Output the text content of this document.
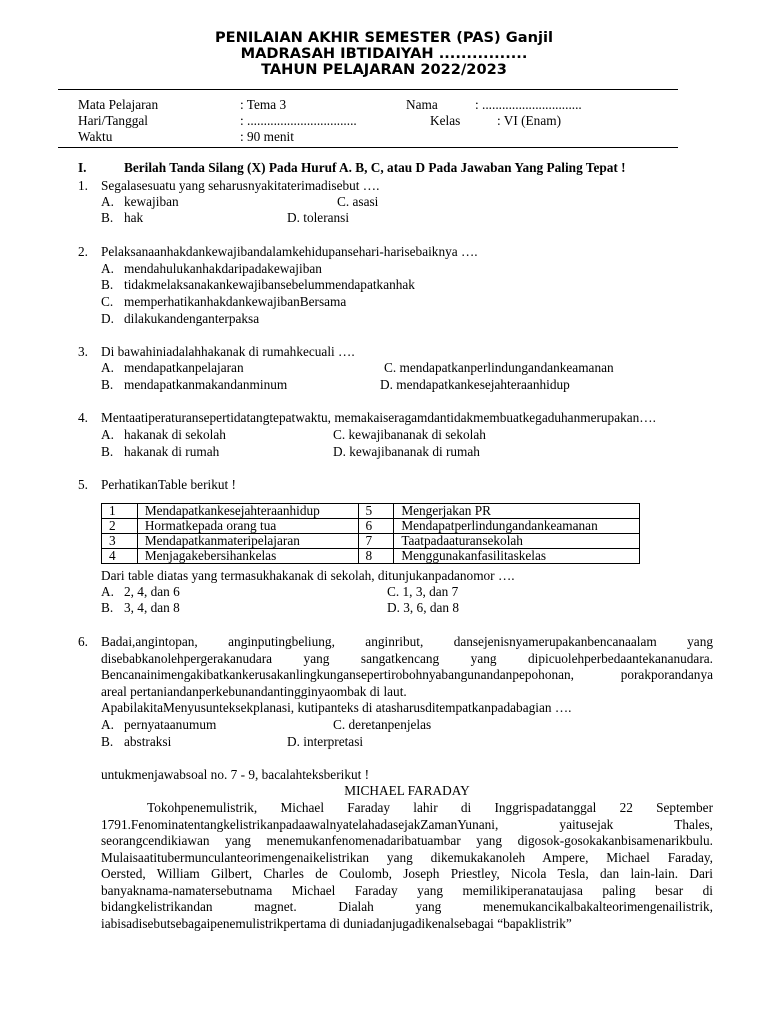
PENILAIAN AKHIR SEMESTER (PAS) Ganjil
MADRASAH IBTIDAIYAH ................
TAHUN PELAJARAN 2022/2023
Mata Pelajaran	: Tema 3	Nama	: ..............................
Hari/Tanggal	: .................................	Kelas	: VI (Enam)
Waktu	: 90 menit
I.	Berilah Tanda Silang (X) Pada Huruf A. B, C, atau D Pada Jawaban Yang Paling Tepat !
1. Segalasesuatu yang seharusnyakitaterimadisebut ….
A. kewajiban	C. asasi
B. hak	D. toleransi
2. Pelaksanaanhakdankewajibandalamkehidupansehari-harisebaiknya ….
A. mendahulukanhakdaripadakewajiban
B. tidakmelaksanakankewajibansebelummendapatkanhak
C. memperhatikanhakdankewajibanBersama
D. dilakukandenganterpaksa
3. Di bawahiniadalahhakanak di rumahkecuali ….
A. mendapatkanpelajaran	C. mendapatkanperlindungandankeamanan
B. mendapatkanmakandanminum	D. mendapatkankesejahteraanhidup
4. Mentaatiperaturansepertidatangtepatwaktu, memakaiseragamdantidakmembuatkegaduhanmerupakan….
A. hakanak di sekolah	C. kewajibananak di sekolah
B. hakanak di rumah	D. kewajibananak di rumah
5. PerhatikanTable berikut !
1	Mendapatkankesejahteraanhidup	5	Mengerjakan PR
2	Hormatkepada orang tua	6	Mendapatperlindungandankeamanan
3	Mendapatkanmateripelajaran	7	Taatpadaaturansekolah
4	Menjagakebersihankelas	8	Menggunakanfasilitaskelas
Dari table diatas yang termasukhakanak di sekolah, ditunjukanpadanomor ….
A. 2, 4, dan 6	C. 1, 3, dan 7
B. 3, 4, dan 8	D. 3, 6, dan 8
6. Badai,angintopan, anginputingbeliung, anginribut, dansejenisnyamerupakanbencanaalam yang
disebabkanolehpergerakanudara yang sangatkencang yang dipicuolehperbedaantekananudara.
Bencanainimengakibatkankerusakanlingkungansepertirobohnyabangunandanpepohonan, porakporandanya
areal pertaniandanperkebunandantingginyaombak di laut.
ApabilakitaMenyusunteksekplanasi, kutipanteks di atasharusditempatkanpadabagian ….
A. pernyataanumum	C. deretanpenjelas
B. abstraksi	D. interpretasi
untukmenjawabsoal no. 7 - 9, bacalahteksberikut !
MICHAEL FARADAY
Tokohpenemulistrik, Michael Faraday lahir di Inggrispadatanggal 22 September
1791.FenominatentangkelistrikanpadaawalnyatelahadasejakZamanYunani, yaitusejak Thales,
seorangcendikiawan yang menemukanfenomenadaribatuambar yang digosok-gosokakanbisamenarikbulu.
Mulaisaatitubermunculanteorimengenaikelistrikan yang dikemukakanoleh Ampere, Michael Faraday,
Oersted, William Gilbert, Charles de Coulomb, Joseph Priestley, Nicola Tesla, dan lain-lain. Dari
banyaknama-namatersebutnama Michael Faraday yang memilikiperanataujasa paling besar di
bidangkelistrikandan magnet. Dialah yang menemukancikalbakalteorimengenailistrik,
iabisadisebutsebagaipenemulistrikpertama di duniadanjugadikenalsebagai “bapaklistrik”
